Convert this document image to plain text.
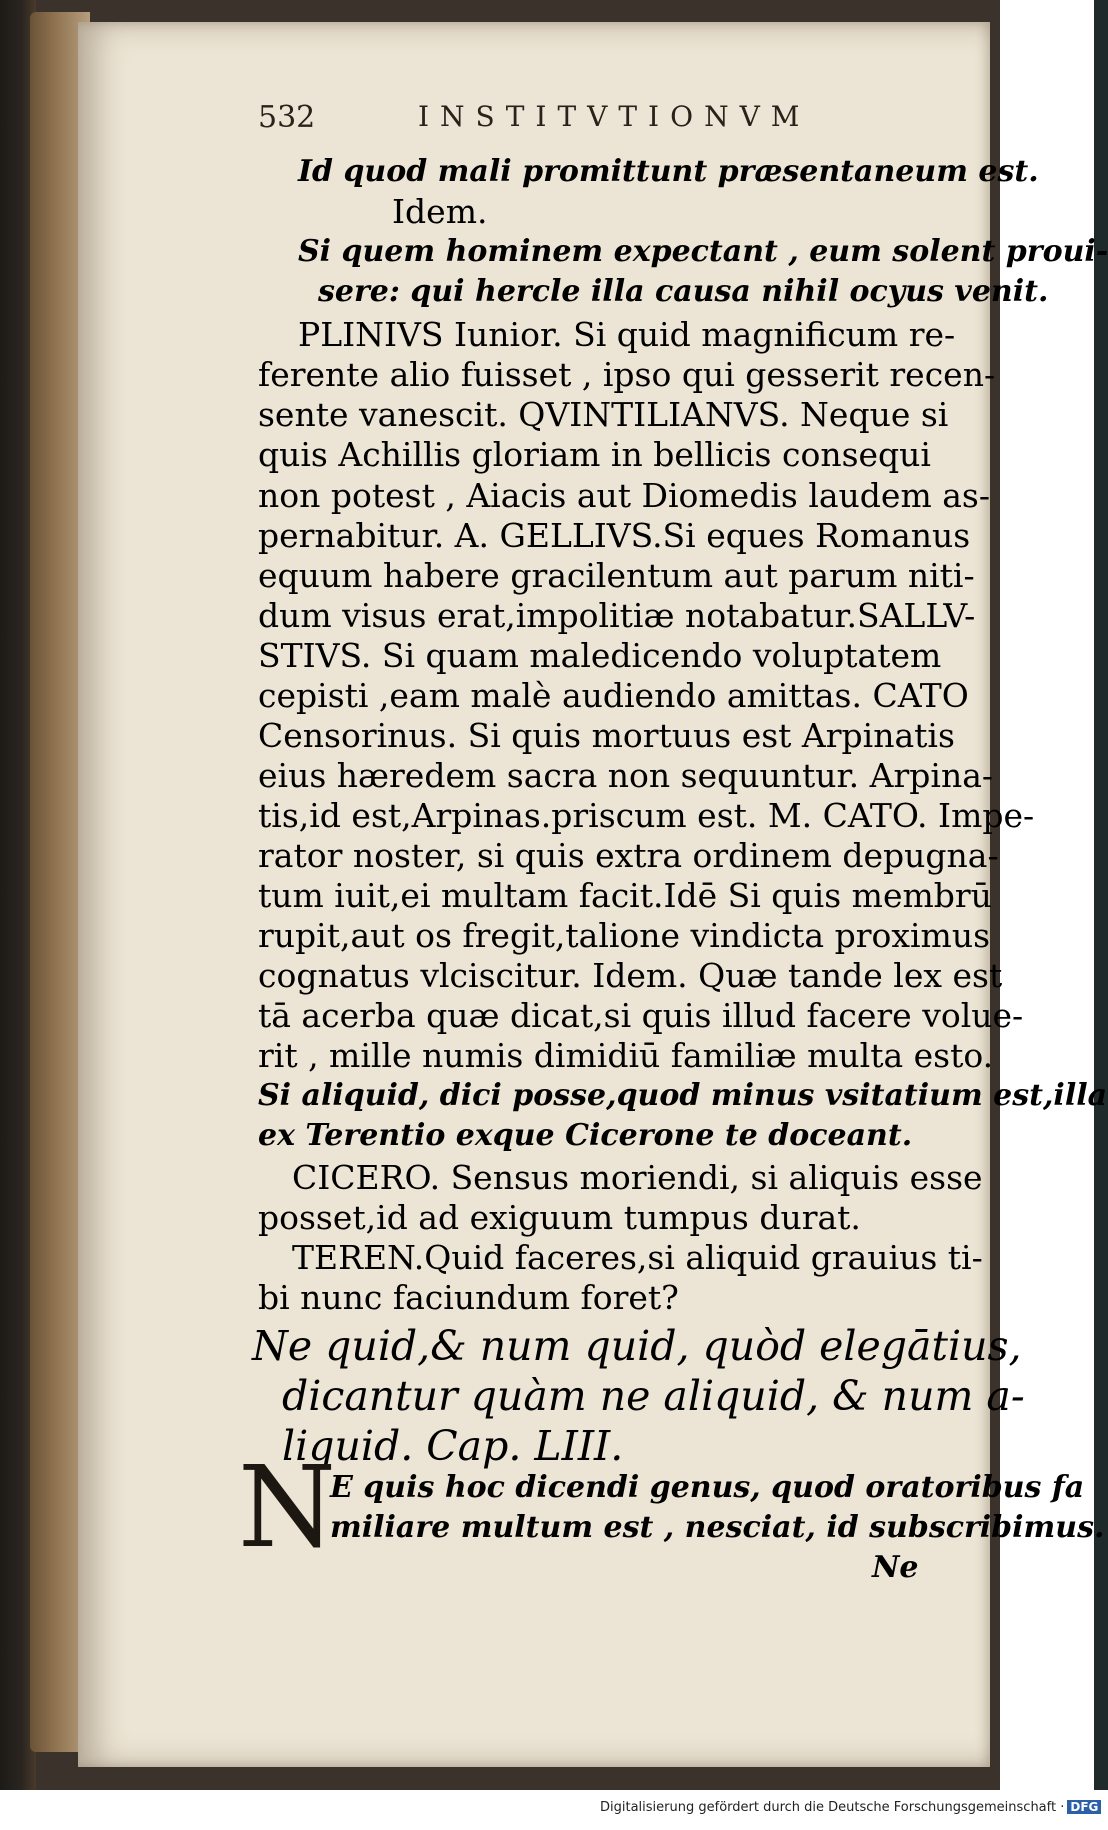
532	INSTITVTIONVM
Id quod mali promittunt præsentaneum est.
Idem.
Si quem hominem expectant , eum solent proui-
sere: qui hercle illa causa nihil ocyus venit.
PLINIVS Iunior. Si quid magnificum re-
ferente alio fuisset , ipso qui gesserit recen-
sente vanescit. QVINTILIANVS. Neque si
quis Achillis gloriam in bellicis consequi
non potest , Aiacis aut Diomedis laudem as-
pernabitur. A. GELLIVS.Si eques Romanus
equum habere gracilentum aut parum niti-
dum visus erat,impolitiæ notabatur.SALLV-
STIVS. Si quam maledicendo voluptatem
cepisti ,eam malè audiendo amittas. CATO
Censorinus. Si quis mortuus est Arpinatis
eius hæredem sacra non sequuntur. Arpina-
tis,id est,Arpinas.priscum est. M. CATO. Impe-
rator noster, si quis extra ordinem depugna-
tum iuit,ei multam facit.Idē Si quis membrū
rupit,aut os fregit,talione vindicta proximus
cognatus vlciscitur. Idem. Quæ tande lex est
tā acerba quæ dicat,si quis illud facere volue-
rit , mille numis dimidiū familiæ multa esto.
Si aliquid, dici posse,quod minus vsitatium est,illa
ex Terentio exque Cicerone te doceant.
CICERO. Sensus moriendi, si aliquis esse
posset,id ad exiguum tumpus durat.
TEREN.Quid faceres,si aliquid grauius ti-
bi nunc faciundum foret?
Ne quid,& num quid, quòd elegātius,
dicantur quàm ne aliquid, & num a-
liquid. Cap. LIII.
N
E quis hoc dicendi genus, quod oratoribus fa
miliare multum est , nesciat, id subscribimus.
Ne
Digitalisierung gefördert durch die Deutsche Forschungsgemeinschaft · DFG
